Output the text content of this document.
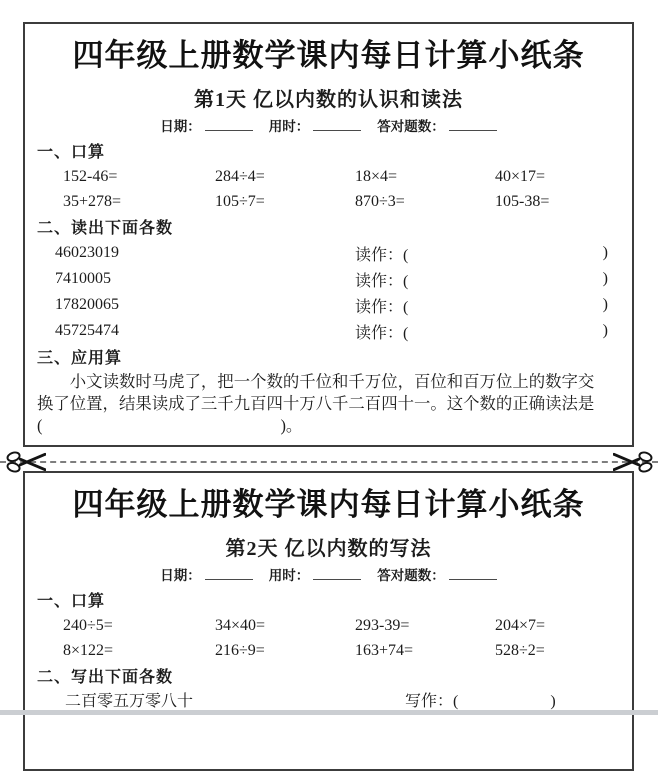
四年级上册数学课内每日计算小纸条
第1天 亿以内数的认识和读法
日期：	用时：	答对题数：
一、口算
152-46=	284÷4=	18×4=	40×17=
35+278=	105÷7=	870÷3=	105-38=
二、读出下面各数
46023019	读作：(	)
7410005	读作：(	)
17820065	读作：(	)
45725474	读作：(	)
三、应用算

小文读数时马虎了，把一个数的千位和千万位，百位和百万位上的数字交换了位置，结果读成了三千九百四十万八千二百四十一。这个数的正确读法是

(	)。
四年级上册数学课内每日计算小纸条
第2天 亿以内数的写法
日期：	用时：	答对题数：
一、口算
240÷5=	34×40=	293-39=	204×7=
8×122=	216÷9=	163+74=	528÷2=
二、写出下面各数
二百零五万零八十	写作：(	)
